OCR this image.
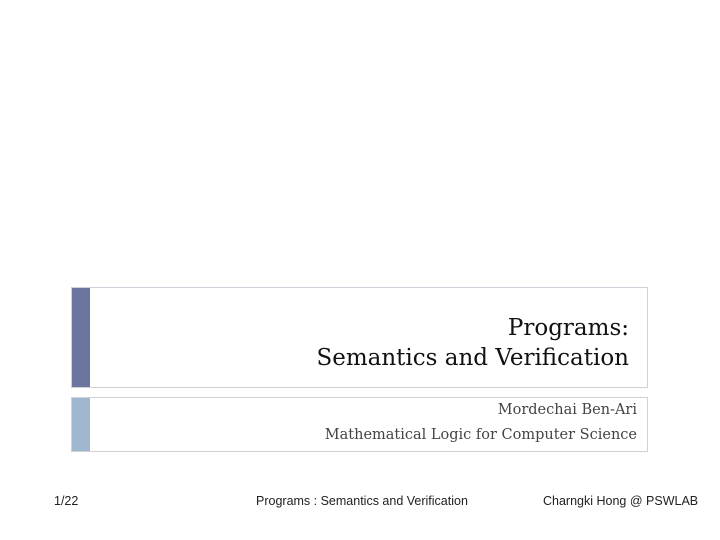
Programs:
Semantics and Verification
Mordechai Ben-Ari
Mathematical Logic for Computer Science
1/22	Programs : Semantics and Verification	Charngki Hong @ PSWLAB
